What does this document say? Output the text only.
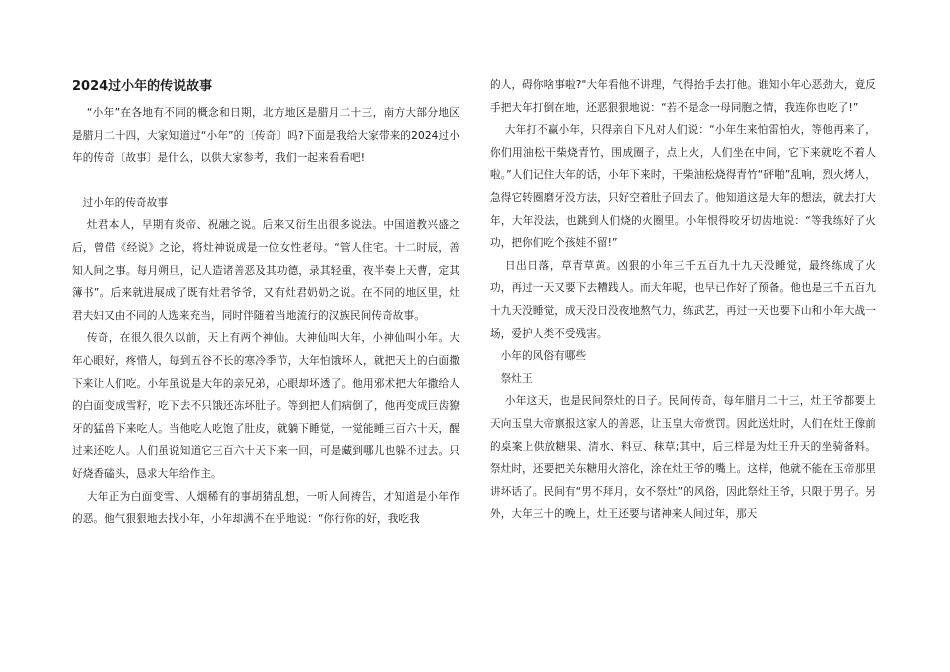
2024过小年的传说故事

“小年”在各地有不同的概念和日期，北方地区是腊月二十三，南方大部分地区是腊月二十四，大家知道过“小年”的〔传奇〕吗?下面是我给大家带来的2024过小年的传奇〔故事〕是什么，以供大家参考，我们一起来看看吧!

过小年的传奇故事

灶君本人，早期有炎帝、祝融之说。后来又衍生出很多说法。中国道教兴盛之后，曾借《经说》之论，将灶神说成是一位女性老母。“管人住宅。十二时辰，善知人间之事。每月朔旦，记人造诸善恶及其功德，录其轻重，夜半奏上天曹，定其簿书”。后来就进展成了既有灶君爷爷，又有灶君奶奶之说。在不同的地区里，灶君夫妇又由不同的人选来充当，同时伴随着当地流行的汉族民间传奇故事。

传奇，在很久很久以前，天上有两个神仙。大神仙叫大年，小神仙叫小年。大年心眼好，疼惜人，每到五谷不长的寒冷季节，大年怕饿坏人，就把天上的白面撒下来让人们吃。小年虽说是大年的亲兄弟，心眼却坏透了。他用邪术把大年撒给人的白面变成雪籽，吃下去不只饿还冻坏肚子。等到把人们病倒了，他再变成巨齿獠牙的猛兽下来吃人。当他吃人吃饱了肚皮，就躺下睡觉，一觉能睡三百六十天，醒过来还吃人。人们虽说知道它三百六十天下来一回，可是藏到哪儿也躲不过去。只好烧香磕头，恳求大年给作主。

大年正为白面变雪、人烟稀有的事胡猜乱想，一听人间祷告，才知道是小年作的恶。他气狠狠地去找小年，小年却满不在乎地说：“你行你的好，我吃我

的人，碍你啥事啦?"大年看他不讲理，气得抬手去打他。谁知小年心恶劲大，竟反手把大年打倒在地，还恶狠狠地说：“若不是念一母同胞之情，我连你也吃了!”

大年打不赢小年，只得亲自下凡对人们说：“小年生来怕雷怕火，等他再来了，你们用油松干柴烧青竹，围成圈子，点上火，人们坐在中间，它下来就吃不着人啦。”人们记住大年的话，小年下来时，干柴油松烧得青竹“砰啪”乱响，烈火烤人，急得它转圈磨牙没方法，只好空着肚子回去了。他知道这是大年的想法，就去打大年，大年没法，也跳到人们烧的火圈里。小年恨得咬牙切齿地说：“等我练好了火功，把你们吃个孩娃不留!”

日出日落，草青草黄。凶狠的小年三千五百九十九天没睡觉，最终练成了火功，再过一天又要下去糟践人。而大年呢，也早已作好了预备。他也是三千五百九十九天没睡觉，成天没日没夜地熬气力，练武艺，再过一天也要下山和小年大战一场，爱护人类不受残害。

小年的风俗有哪些

祭灶王

小年这天，也是民间祭灶的日子。民间传奇，每年腊月二十三，灶王爷都要上天向玉皇大帝禀报这家人的善恶，让玉皇大帝赏罚。因此送灶时，人们在灶王像前的桌案上供放糖果、清水、料豆、秣草;其中，后三样是为灶王升天的坐骑备料。祭灶时，还要把关东糖用火溶化，涂在灶王爷的嘴上。这样，他就不能在玉帝那里讲坏话了。民间有“男不拜月，女不祭灶”的风俗，因此祭灶王爷，只限于男子。另外，大年三十的晚上，灶王还要与诸神来人间过年，那天
